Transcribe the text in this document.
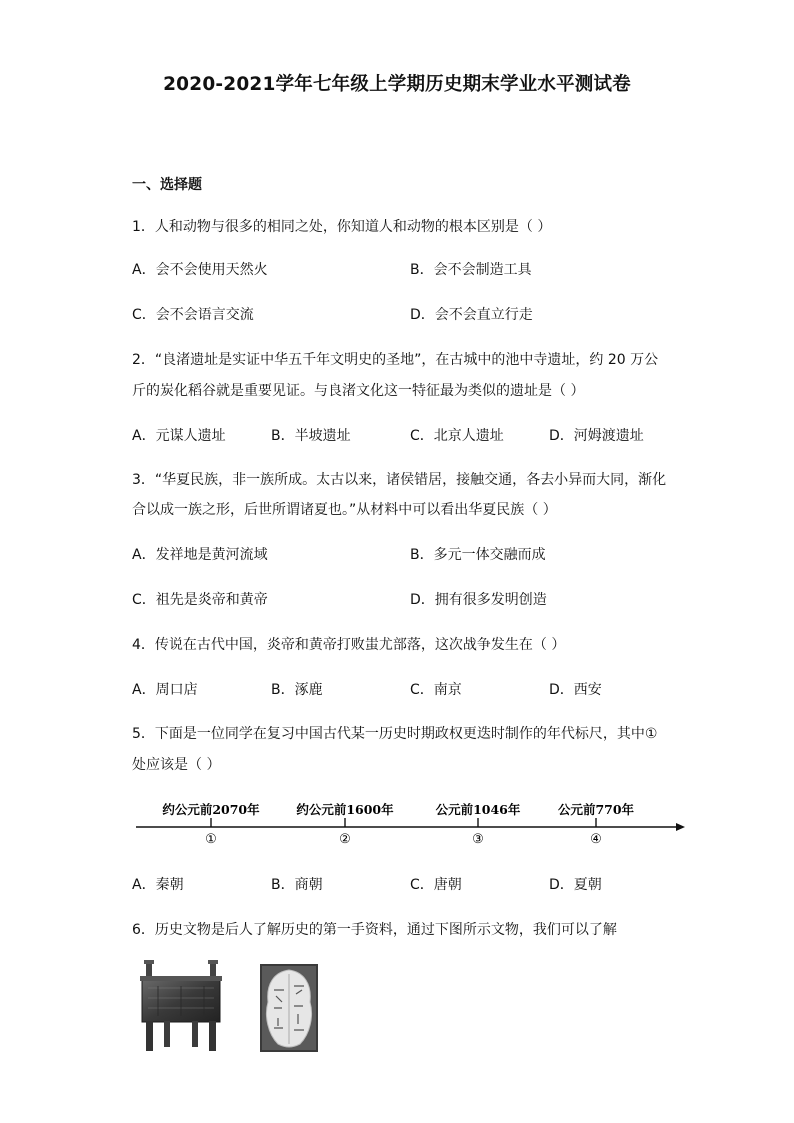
2020-2021学年七年级上学期历史期末学业水平测试卷
一、选择题
1．人和动物与很多的相同之处，你知道人和动物的根本区别是（ ）
A．会不会使用天然火	B．会不会制造工具
C．会不会语言交流	D．会不会直立行走
2．“良渚遗址是实证中华五千年文明史的圣地”，在古城中的池中寺遗址，约 20 万公
斤的炭化稻谷就是重要见证。与良渚文化这一特征最为类似的遗址是（ ）
A．元谋人遗址	B．半坡遗址	C．北京人遗址	D．河姆渡遗址
3．“华夏民族，非一族所成。太古以来，诸侯错居，接触交通，各去小异而大同，渐化
合以成一族之形，后世所谓诸夏也。”从材料中可以看出华夏民族（ ）
A．发祥地是黄河流域	B．多元一体交融而成
C．祖先是炎帝和黄帝	D．拥有很多发明创造
4．传说在古代中国，炎帝和黄帝打败蚩尤部落，这次战争发生在（ ）
A．周口店	B．涿鹿	C．南京	D．西安
5．下面是一位同学在复习中国古代某一历史时期政权更迭时制作的年代标尺，其中①
处应该是（ ）
约公元前2070年
①
约公元前1600年
②
公元前1046年
③
公元前770年
④
A．秦朝	B．商朝	C．唐朝	D．夏朝
6．历史文物是后人了解历史的第一手资料，通过下图所示文物，我们可以了解
